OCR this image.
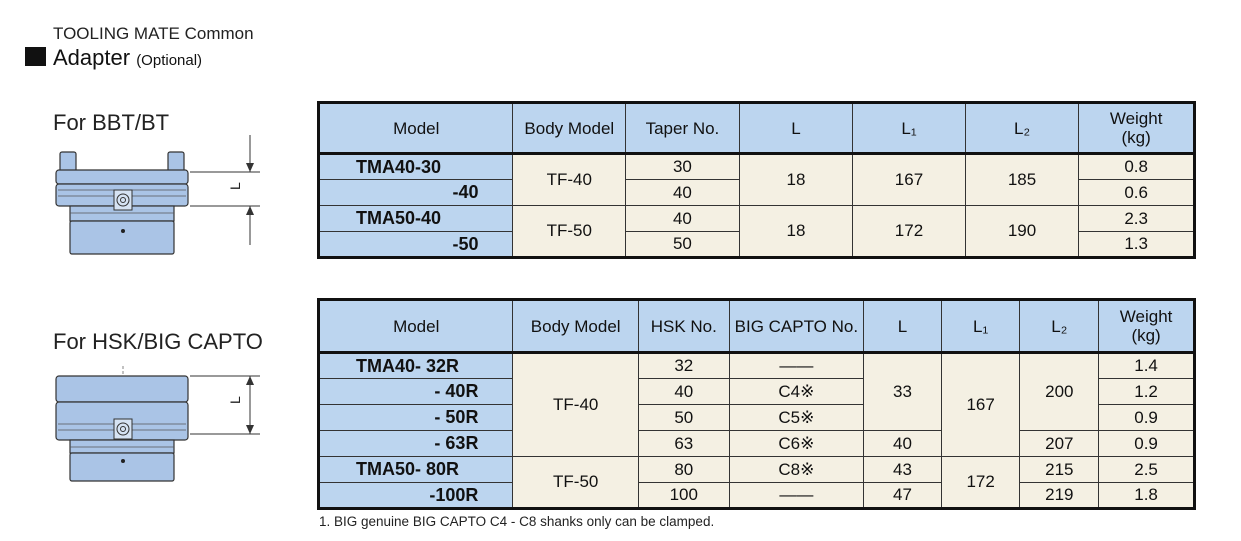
TOOLING MATE Common
Adapter (Optional)
For BBT/BT
L
Model	Body Model	Taper No.	L	L₁	L₂	Weight
(kg)

TMA40-30	TF-40	30	18	167	185	0.8
-40		40				0.6
TMA50-40	TF-50	40	18	172	190	2.3
-50		50				1.3
For HSK/BIG CAPTO
L
Model	Body Model	HSK No.	BIG CAPTO No.	L	L₁	L₂	Weight
(kg)

TMA40- 32R	TF-40	32	——	33	167	200	1.4
- 40R		40	C4※				1.2
- 50R		50	C5※				0.9
- 63R		63	C6※	40		207	0.9
TMA50- 80R	TF-50	80	C8※	43	172	215	2.5
-100R		100	——	47		219	1.8
1. BIG genuine BIG CAPTO C4 - C8 shanks only can be clamped.
